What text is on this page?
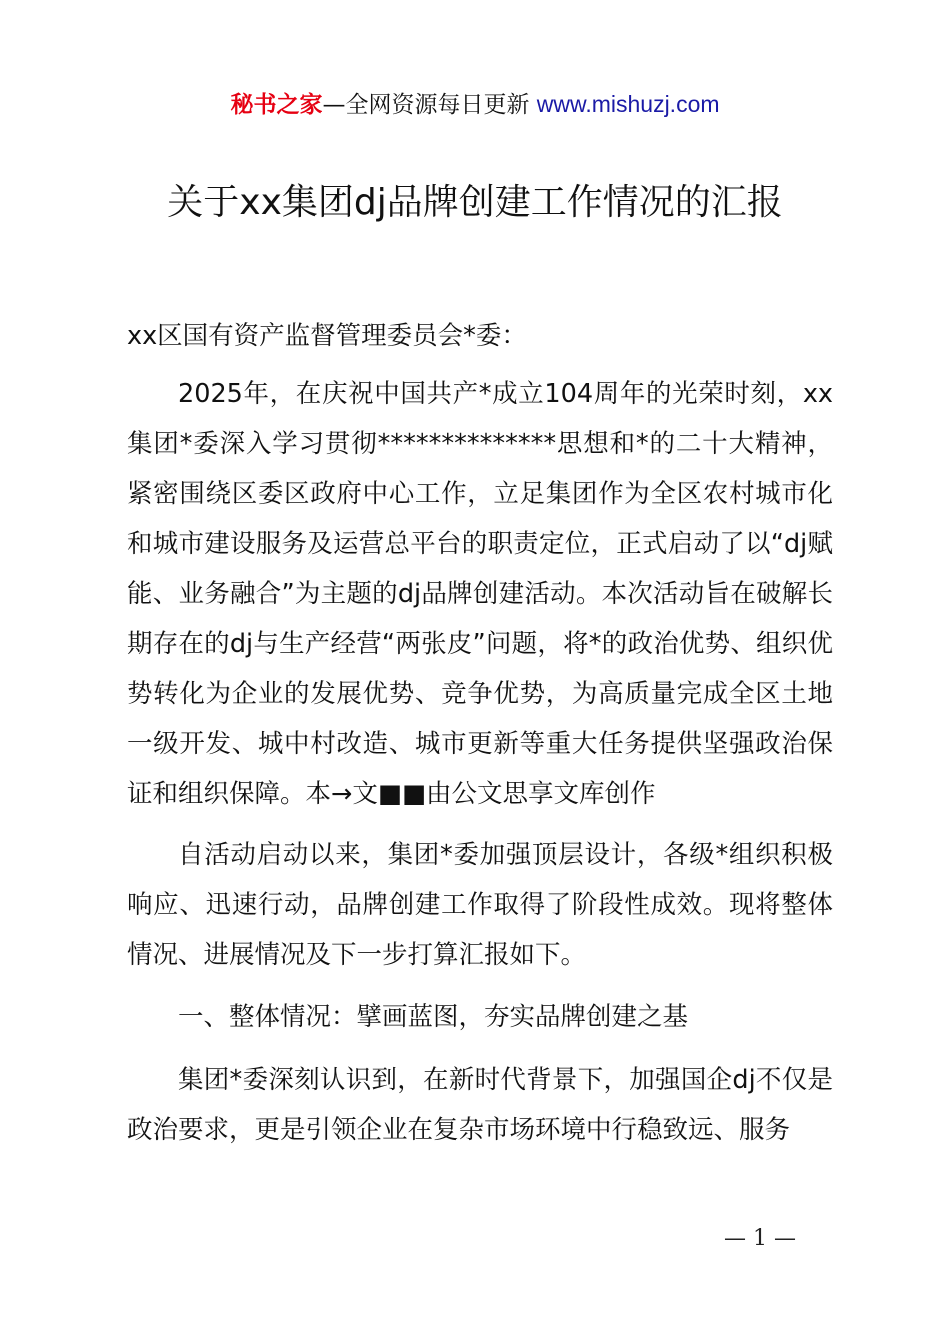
秘书之家—全网资源每日更新 www.mishuzj.com
关于xx集团dj品牌创建工作情况的汇报

xx区国有资产监督管理委员会*委：

2025年，在庆祝中国共产*成立104周年的光荣时刻，xx集团*委深入学习贯彻**************思想和*的二十大精神，紧密围绕区委区政府中心工作，立足集团作为全区农村城市化和城市建设服务及运营总平台的职责定位，正式启动了以“dj赋能、业务融合”为主题的dj品牌创建活动。本次活动旨在破解长期存在的dj与生产经营“两张皮”问题，将*的政治优势、组织优势转化为企业的发展优势、竞争优势，为高质量完成全区土地一级开发、城中村改造、城市更新等重大任务提供坚强政治保证和组织保障。本→文■■由公文思享文库创作

自活动启动以来，集团*委加强顶层设计，各级*组织积极响应、迅速行动，品牌创建工作取得了阶段性成效。现将整体情况、进展情况及下一步打算汇报如下。

一、整体情况：擘画蓝图，夯实品牌创建之基

集团*委深刻认识到，在新时代背景下，加强国企dj不仅是政治要求，更是引领企业在复杂市场环境中行稳致远、服务

— 1 —
